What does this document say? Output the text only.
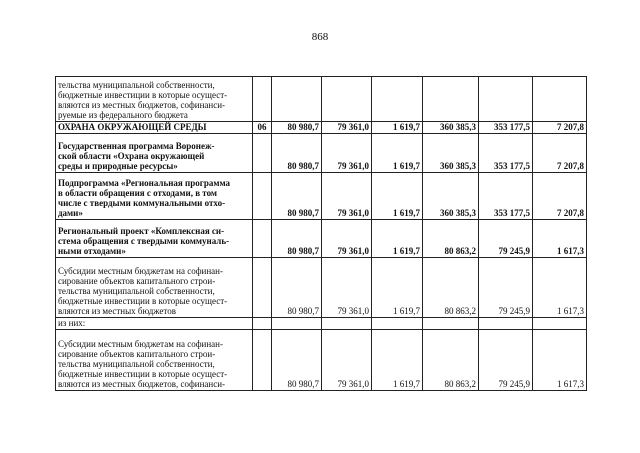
868
тельства муниципальной собственности,
бюджетные инвестиции в которые осущест-
вляются из местных бюджетов, софинанси-
руемые из федерального бюджета							
ОХРАНА ОКРУЖАЮЩЕЙ СРЕДЫ	06	80 980,7	79 361,0	1 619,7	360 385,3	353 177,5	7 207,8
Государственная программа Воронеж-
ской области «Охрана окружающей
среды и природные ресурсы»		80 980,7	79 361,0	1 619,7	360 385,3	353 177,5	7 207,8
Подпрограмма «Региональная программа
в области обращения с отходами, в том
числе с твердыми коммунальными отхо-
дами»		80 980,7	79 361,0	1 619,7	360 385,3	353 177,5	7 207,8
Региональный проект «Комплексная си-
стема обращения с твердыми коммуналь-
ными отходами»		80 980,7	79 361,0	1 619,7	80 863,2	79 245,9	1 617,3
Субсидии местным бюджетам на софинан-
сирование объектов капитального строи-
тельства муниципальной собственности,
бюджетные инвестиции в которые осущест-
вляются из местных бюджетов		80 980,7	79 361,0	1 619,7	80 863,2	79 245,9	1 617,3
из них:							
Субсидии местным бюджетам на софинан-
сирование объектов капитального строи-
тельства муниципальной собственности,
бюджетные инвестиции в которые осущест-
вляются из местных бюджетов, софинанси-		80 980,7	79 361,0	1 619,7	80 863,2	79 245,9	1 617,3
